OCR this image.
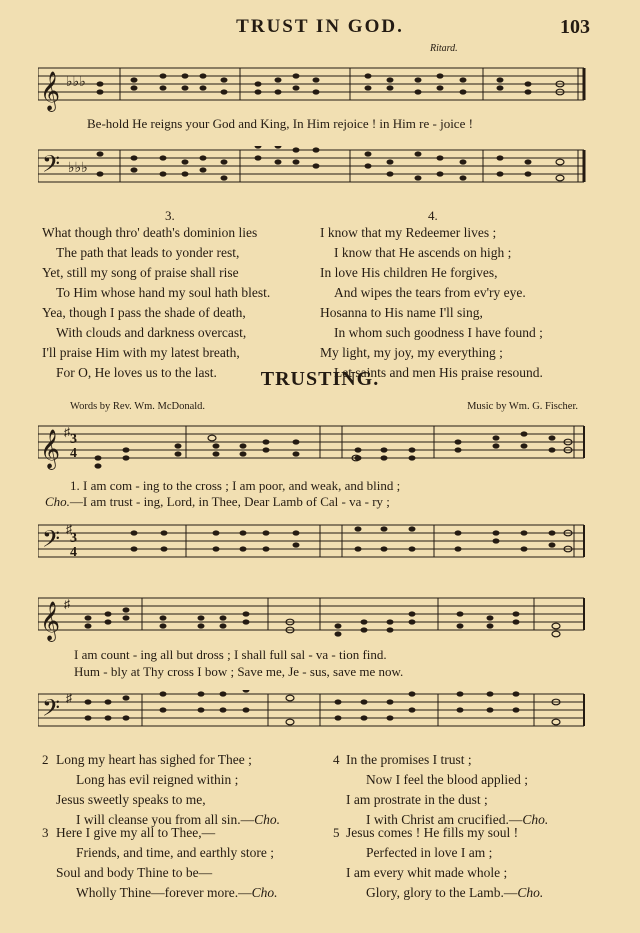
TRUST IN GOD.	103
Ritard.
𝄞 ♭♭♭
Be-hold He reigns your God and King, In Him rejoice ! in Him re - joice !
𝄢 ♭♭♭
3.	4.
What though thro' death's dominion lies
The path that leads to yonder rest,
Yet, still my song of praise shall rise
To Him whose hand my soul hath blest.
Yea, though I pass the shade of death,
With clouds and darkness overcast,
I'll praise Him with my latest breath,
For O, He loves us to the last.
I know that my Redeemer lives ;
I know that He ascends on high ;
In love His children He forgives,
And wipes the tears from ev'ry eye.
Hosanna to His name I'll sing,
In whom such goodness I have found ;
My light, my joy, my everything ;
Let saints and men His praise resound.
TRUSTING.
Words by Rev. Wm. McDonald.	Music by Wm. G. Fischer.
𝄞 ♯ 3
4
1. I am com - ing to the cross ; I am poor, and weak, and blind ;
Cho.—I am trust - ing, Lord, in Thee, Dear Lamb of Cal - va - ry ;
𝄢 ♯
3
4
𝄞 ♯
I am count - ing all but dross ; I shall full sal - va - tion find.
Hum - bly at Thy cross I bow ; Save me, Je - sus, save me now.
𝄢 ♯
2 Long my heart has sighed for Thee ;
Long has evil reigned within ;
Jesus sweetly speaks to me,
I will cleanse you from all sin.—Cho.
4 In the promises I trust ;
Now I feel the blood applied ;
I am prostrate in the dust ;
I with Christ am crucified.—Cho.
3 Here I give my all to Thee,—
Friends, and time, and earthly store ;
Soul and body Thine to be—
Wholly Thine—forever more.—Cho.
5 Jesus comes ! He fills my soul !
Perfected in love I am ;
I am every whit made whole ;
Glory, glory to the Lamb.—Cho.
